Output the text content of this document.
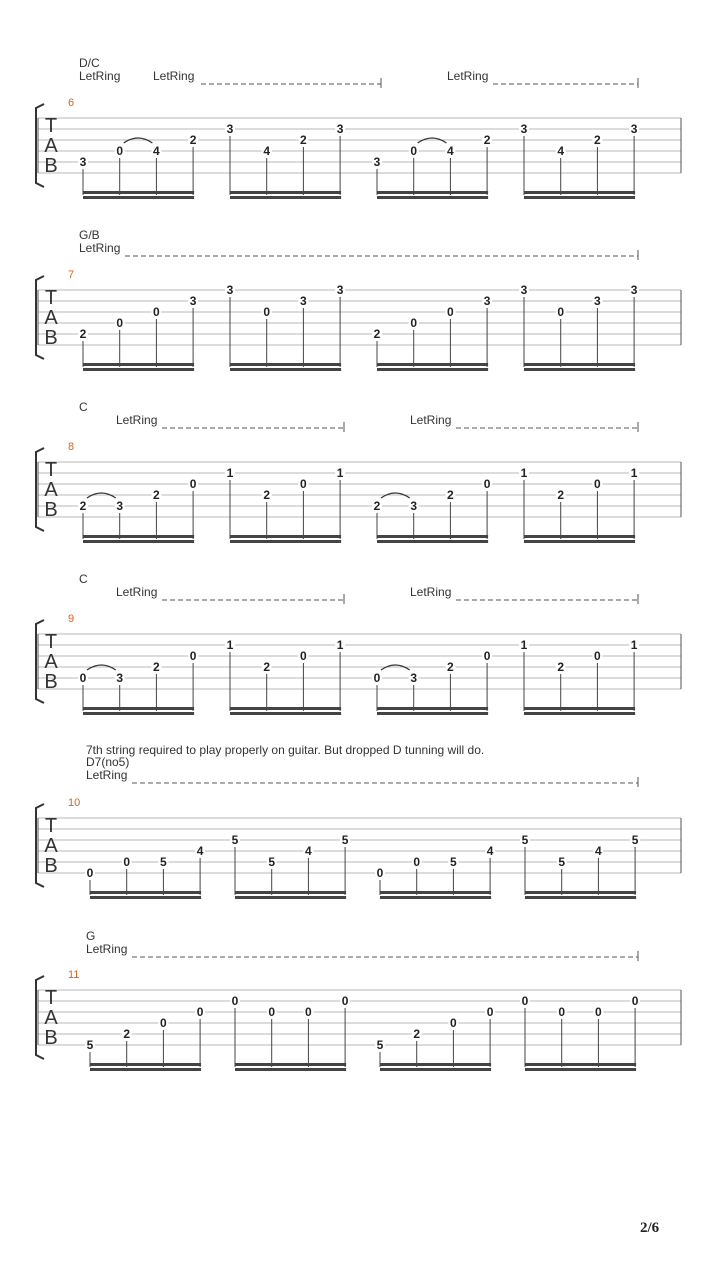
T
A
B
6
D/C
LetRing	LetRing	LetRing
3
0	4
2
3
4
2
3
3
0	4
2
3
4
2
3
T
A
B
7
G/B
LetRing
2
0
0
3
3
0
3
3
2
0
0
3
3
0
3
3
T
A
B
8
C
LetRing	LetRing
2	3
2
0
1
2
0
1
2	3
2
0
1
2
0
1
T
A
B
9
C
LetRing	LetRing
0	3
2
0
1
2
0
1
0	3
2
0
1
2
0
1
T
A
B
10
7th string required to play properly on guitar. But dropped D tunning will do.
D7(no5)
LetRing
0
0	5
4
5
5
4
5
0
0	5
4
5
5
4
5
T
A
B
11
G
LetRing
5
2
0
0
0
0	0
0
5
2
0
0
0
0	0
0
2/6
